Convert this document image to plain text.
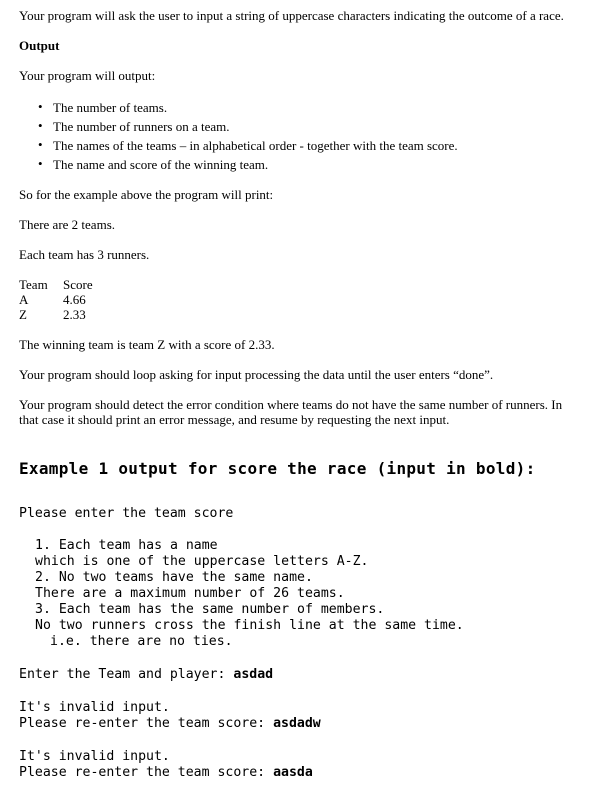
Your program will ask the user to input a string of uppercase characters indicating the outcome of a race.
Output
Your program will output:
• The number of teams.
• The number of runners on a team.
• The names of the teams – in alphabetical order - together with the team score.
• The name and score of the winning team.
So for the example above the program will print:
There are 2 teams.
Each team has 3 runners.
Team Score
A	4.66
Z	2.33
The winning team is team Z with a score of 2.33.
Your program should loop asking for input processing the data until the user enters “done”.
Your program should detect the error condition where teams do not have the same number of runners. In
that case it should print an error message, and resume by requesting the next input.
Example 1 output for score the race (input in bold):
Please enter the team score
1. Each team has a name
which is one of the uppercase letters A-Z.
2. No two teams have the same name.
There are a maximum number of 26 teams.
3. Each team has the same number of members.
No two runners cross the finish line at the same time.
i.e. there are no ties.
Enter the Team and player: asdad
It's invalid input.
Please re-enter the team score: asdadw
It's invalid input.
Please re-enter the team score: aasda
